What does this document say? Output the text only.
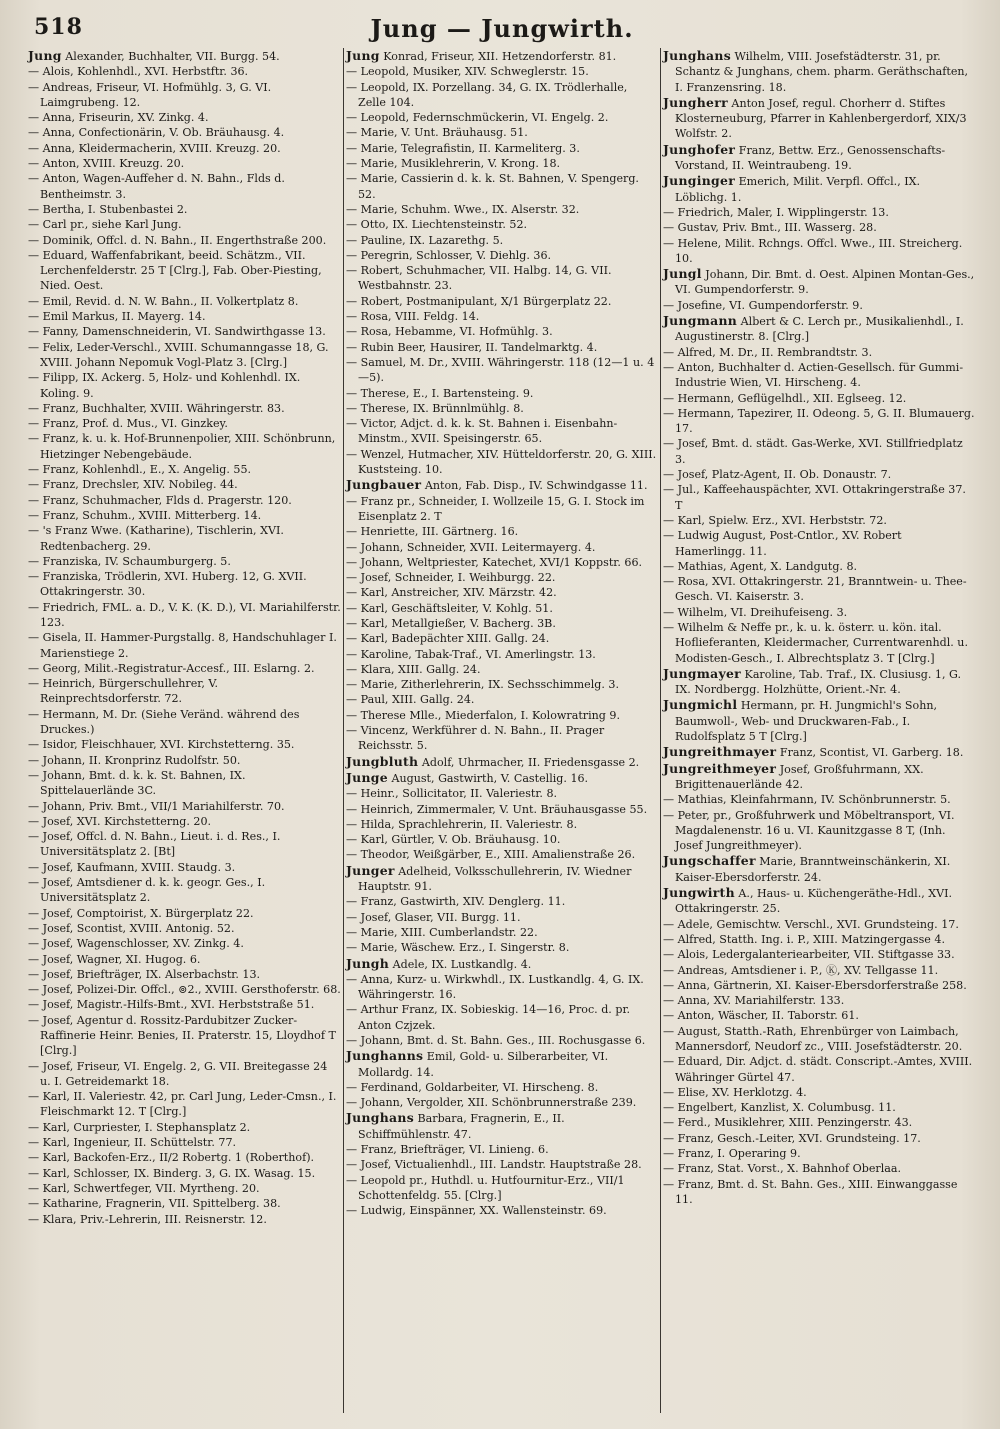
518	Jung — Jungwirth.
Jung Alexander, Buchhalter, VII. Burgg. 54.
— Alois, Kohlenhdl., XVI. Herbstftr. 36.
— Andreas, Friseur, VI. Hofmühlg. 3, G. VI. Laimgrubeng. 12.
— Anna, Friseurin, XV. Zinkg. 4.
— Anna, Confectionärin, V. Ob. Bräuhausg. 4.
— Anna, Kleidermacherin, XVIII. Kreuzg. 20.
— Anton, XVIII. Kreuzg. 20.
— Anton, Wagen-Auffeher d. N. Bahn., Flds d. Bentheimstr. 3.
— Bertha, I. Stubenbastei 2.
— Carl pr., siehe Karl Jung.
— Dominik, Offcl. d. N. Bahn., II. Engerthstraße 200.
— Eduard, Waffenfabrikant, beeid. Schätzm., VII. Lerchenfelderstr. 25 T [Clrg.], Fab. Ober-Piesting, Nied. Oest.
— Emil, Revid. d. N. W. Bahn., II. Volkertplatz 8.
— Emil Markus, II. Mayerg. 14.
— Fanny, Damenschneiderin, VI. Sandwirthgasse 13.
— Felix, Leder-Verschl., XVIII. Schumanngasse 18, G. XVIII. Johann Nepomuk Vogl-Platz 3. [Clrg.]
— Filipp, IX. Ackerg. 5, Holz- und Kohlenhdl. IX. Koling. 9.
— Franz, Buchhalter, XVIII. Währingerstr. 83.
— Franz, Prof. d. Mus., VI. Ginzkey.
— Franz, k. u. k. Hof-Brunnenpolier, XIII. Schönbrunn, Hietzinger Nebengebäude.
— Franz, Kohlenhdl., E., X. Angelig. 55.
— Franz, Drechsler, XIV. Nobileg. 44.
— Franz, Schuhmacher, Flds d. Pragerstr. 120.
— Franz, Schuhm., XVIII. Mitterberg. 14.
— 's Franz Wwe. (Katharine), Tischlerin, XVI. Redtenbacherg. 29.
— Franziska, IV. Schaumburgerg. 5.
— Franziska, Trödlerin, XVI. Huberg. 12, G. XVII. Ottakringerstr. 30.
— Friedrich, FML. a. D., V. K. (K. D.), VI. Mariahilferstr. 123.
— Gisela, II. Hammer-Purgstallg. 8, Handschuhlager I. Marienstiege 2.
— Georg, Milit.-Registratur-Accesf., III. Eslarng. 2.
— Heinrich, Bürgerschullehrer, V. Reinprechtsdorferstr. 72.
— Hermann, M. Dr. (Siehe Veränd. während des Druckes.)
— Isidor, Fleischhauer, XVI. Kirchstetterng. 35.
— Johann, II. Kronprinz Rudolfstr. 50.
— Johann, Bmt. d. k. k. St. Bahnen, IX. Spittelauerlände 3C.
— Johann, Priv. Bmt., VII/1 Mariahilferstr. 70.
— Josef, XVI. Kirchstetterng. 20.
— Josef, Offcl. d. N. Bahn., Lieut. i. d. Res., I. Universitätsplatz 2. [Bt]
— Josef, Kaufmann, XVIII. Staudg. 3.
— Josef, Amtsdiener d. k. k. geogr. Ges., I. Universitätsplatz 2.
— Josef, Comptoirist, X. Bürgerplatz 22.
— Josef, Scontist, XVIII. Antonig. 52.
— Josef, Wagenschlosser, XV. Zinkg. 4.
— Josef, Wagner, XI. Hugog. 6.
— Josef, Briefträger, IX. Alserbachstr. 13.
— Josef, Polizei-Dir. Offcl., ⊚2., XVIII. Gersthoferstr. 68.
— Josef, Magistr.-Hilfs-Bmt., XVI. Herbststraße 51.
— Josef, Agentur d. Rossitz-Pardubitzer Zucker-Raffinerie Heinr. Benies, II. Praterstr. 15, Lloydhof T [Clrg.]
— Josef, Friseur, VI. Engelg. 2, G. VII. Breitegasse 24 u. I. Getreidemarkt 18.
— Karl, II. Valeriestr. 42, pr. Carl Jung, Leder-Cmsn., I. Fleischmarkt 12. T [Clrg.]
— Karl, Curpriester, I. Stephansplatz 2.
— Karl, Ingenieur, II. Schüttelstr. 77.
— Karl, Backofen-Erz., II/2 Robertg. 1 (Roberthof).
— Karl, Schlosser, IX. Binderg. 3, G. IX. Wasag. 15.
— Karl, Schwertfeger, VII. Myrtheng. 20.
— Katharine, Fragnerin, VII. Spittelberg. 38.
— Klara, Priv.-Lehrerin, III. Reisnerstr. 12.
Jung Konrad, Friseur, XII. Hetzendorferstr. 81.
— Leopold, Musiker, XIV. Schweglerstr. 15.
— Leopold, IX. Porzellang. 34, G. IX. Trödlerhalle, Zelle 104.
— Leopold, Federnschmückerin, VI. Engelg. 2.
— Marie, V. Unt. Bräuhausg. 51.
— Marie, Telegrafistin, II. Karmeliterg. 3.
— Marie, Musiklehrerin, V. Krong. 18.
— Marie, Cassierin d. k. k. St. Bahnen, V. Spengerg. 52.
— Marie, Schuhm. Wwe., IX. Alserstr. 32.
— Otto, IX. Liechtensteinstr. 52.
— Pauline, IX. Lazarethg. 5.
— Peregrin, Schlosser, V. Diehlg. 36.
— Robert, Schuhmacher, VII. Halbg. 14, G. VII. Westbahnstr. 23.
— Robert, Postmanipulant, X/1 Bürgerplatz 22.
— Rosa, VIII. Feldg. 14.
— Rosa, Hebamme, VI. Hofmühlg. 3.
— Rubin Beer, Hausirer, II. Tandelmarktg. 4.
— Samuel, M. Dr., XVIII. Währingerstr. 118 (12—1 u. 4—5).
— Therese, E., I. Bartensteing. 9.
— Therese, IX. Brünnlmühlg. 8.
— Victor, Adjct. d. k. k. St. Bahnen i. Eisenbahn-Minstm., XVII. Speisingerstr. 65.
— Wenzel, Hutmacher, XIV. Hütteldorferstr. 20, G. XIII. Kuststeing. 10.
Jungbauer Anton, Fab. Disp., IV. Schwindgasse 11.
— Franz pr., Schneider, I. Wollzeile 15, G. I. Stock im Eisenplatz 2. T
— Henriette, III. Gärtnerg. 16.
— Johann, Schneider, XVII. Leitermayerg. 4.
— Johann, Weltpriester, Katechet, XVI/1 Koppstr. 66.
— Josef, Schneider, I. Weihburgg. 22.
— Karl, Anstreicher, XIV. Märzstr. 42.
— Karl, Geschäftsleiter, V. Kohlg. 51.
— Karl, Metallgießer, V. Bacherg. 3B.
— Karl, Badepächter XIII. Gallg. 24.
— Karoline, Tabak-Traf., VI. Amerlingstr. 13.
— Klara, XIII. Gallg. 24.
— Marie, Zitherlehrerin, IX. Sechsschimmelg. 3.
— Paul, XIII. Gallg. 24.
— Therese Mlle., Miederfalon, I. Kolowratring 9.
— Vincenz, Werkführer d. N. Bahn., II. Prager Reichsstr. 5.
Jungbluth Adolf, Uhrmacher, II. Friedensgasse 2.
Junge August, Gastwirth, V. Castellig. 16.
— Heinr., Sollicitator, II. Valeriestr. 8.
— Heinrich, Zimmermaler, V. Unt. Bräuhausgasse 55.
— Hilda, Sprachlehrerin, II. Valeriestr. 8.
— Karl, Gürtler, V. Ob. Bräuhausg. 10.
— Theodor, Weißgärber, E., XIII. Amalienstraße 26.
Junger Adelheid, Volksschullehrerin, IV. Wiedner Hauptstr. 91.
— Franz, Gastwirth, XIV. Denglerg. 11.
— Josef, Glaser, VII. Burgg. 11.
— Marie, XIII. Cumberlandstr. 22.
— Marie, Wäschew. Erz., I. Singerstr. 8.
Jungh Adele, IX. Lustkandlg. 4.
— Anna, Kurz- u. Wirkwhdl., IX. Lustkandlg. 4, G. IX. Währingerstr. 16.
— Arthur Franz, IX. Sobieskig. 14—16, Proc. d. pr. Anton Czjzek.
— Johann, Bmt. d. St. Bahn. Ges., III. Rochusgasse 6.
Junghanns Emil, Gold- u. Silberarbeiter, VI. Mollardg. 14.
— Ferdinand, Goldarbeiter, VI. Hirscheng. 8.
— Johann, Vergolder, XII. Schönbrunnerstraße 239.
Junghans Barbara, Fragnerin, E., II. Schiffmühlenstr. 47.
— Franz, Briefträger, VI. Linieng. 6.
— Josef, Victualienhdl., III. Landstr. Hauptstraße 28.
— Leopold pr., Huthdl. u. Hutfournitur-Erz., VII/1 Schottenfeldg. 55. [Clrg.]
— Ludwig, Einspänner, XX. Wallensteinstr. 69.
Junghans Wilhelm, VIII. Josefstädterstr. 31, pr. Schantz & Junghans, chem. pharm. Geräthschaften, I. Franzensring. 18.
Jungherr Anton Josef, regul. Chorherr d. Stiftes Klosterneuburg, Pfarrer in Kahlenbergerdorf, XIX/3 Wolfstr. 2.
Junghofer Franz, Bettw. Erz., Genossenschafts-Vorstand, II. Weintraubeng. 19.
Junginger Emerich, Milit. Verpfl. Offcl., IX. Löblichg. 1.
— Friedrich, Maler, I. Wipplingerstr. 13.
— Gustav, Priv. Bmt., III. Wasserg. 28.
— Helene, Milit. Rchngs. Offcl. Wwe., III. Streicherg. 10.
Jungl Johann, Dir. Bmt. d. Oest. Alpinen Montan-Ges., VI. Gumpendorferstr. 9.
— Josefine, VI. Gumpendorferstr. 9.
Jungmann Albert & C. Lerch pr., Musikalienhdl., I. Augustinerstr. 8. [Clrg.]
— Alfred, M. Dr., II. Rembrandtstr. 3.
— Anton, Buchhalter d. Actien-Gesellsch. für Gummi-Industrie Wien, VI. Hirscheng. 4.
— Hermann, Geflügelhdl., XII. Eglseeg. 12.
— Hermann, Tapezirer, II. Odeong. 5, G. II. Blumauerg. 17.
— Josef, Bmt. d. städt. Gas-Werke, XVI. Stillfriedplatz 3.
— Josef, Platz-Agent, II. Ob. Donaustr. 7.
— Jul., Kaffeehauspächter, XVI. Ottakringerstraße 37. T
— Karl, Spielw. Erz., XVI. Herbststr. 72.
— Ludwig August, Post-Cntlor., XV. Robert Hamerlingg. 11.
— Mathias, Agent, X. Landgutg. 8.
— Rosa, XVI. Ottakringerstr. 21, Branntwein- u. Thee-Gesch. VI. Kaiserstr. 3.
— Wilhelm, VI. Dreihufeiseng. 3.
— Wilhelm & Neffe pr., k. u. k. österr. u. kön. ital. Hoflieferanten, Kleidermacher, Currentwarenhdl. u. Modisten-Gesch., I. Albrechtsplatz 3. T [Clrg.]
Jungmayer Karoline, Tab. Traf., IX. Clusiusg. 1, G. IX. Nordbergg. Holzhütte, Orient.-Nr. 4.
Jungmichl Hermann, pr. H. Jungmichl's Sohn, Baumwoll-, Web- und Druckwaren-Fab., I. Rudolfsplatz 5 T [Clrg.]
Jungreithmayer Franz, Scontist, VI. Garberg. 18.
Jungreithmeyer Josef, Großfuhrmann, XX. Brigittenauerlände 42.
— Mathias, Kleinfahrmann, IV. Schönbrunnerstr. 5.
— Peter, pr., Großfuhrwerk und Möbeltransport, VI. Magdalenenstr. 16 u. VI. Kaunitzgasse 8 T, (Inh. Josef Jungreithmeyer).
Jungschaffer Marie, Branntweinschänkerin, XI. Kaiser-Ebersdorferstr. 24.
Jungwirth A., Haus- u. Küchengeräthe-Hdl., XVI. Ottakringerstr. 25.
— Adele, Gemischtw. Verschl., XVI. Grundsteing. 17.
— Alfred, Statth. Ing. i. P., XIII. Matzingergasse 4.
— Alois, Ledergalanteriearbeiter, VII. Stiftgasse 33.
— Andreas, Amtsdiener i. P., Ⓚ, XV. Tellgasse 11.
— Anna, Gärtnerin, XI. Kaiser-Ebersdorferstraße 258.
— Anna, XV. Mariahilferstr. 133.
— Anton, Wäscher, II. Taborstr. 61.
— August, Statth.-Rath, Ehrenbürger von Laimbach, Mannersdorf, Neudorf zc., VIII. Josefstädterstr. 20.
— Eduard, Dir. Adjct. d. städt. Conscript.-Amtes, XVIII. Währinger Gürtel 47.
— Elise, XV. Herklotzg. 4.
— Engelbert, Kanzlist, X. Columbusg. 11.
— Ferd., Musiklehrer, XIII. Penzingerstr. 43.
— Franz, Gesch.-Leiter, XVI. Grundsteing. 17.
— Franz, I. Operaring 9.
— Franz, Stat. Vorst., X. Bahnhof Oberlaa.
— Franz, Bmt. d. St. Bahn. Ges., XIII. Einwanggasse 11.
